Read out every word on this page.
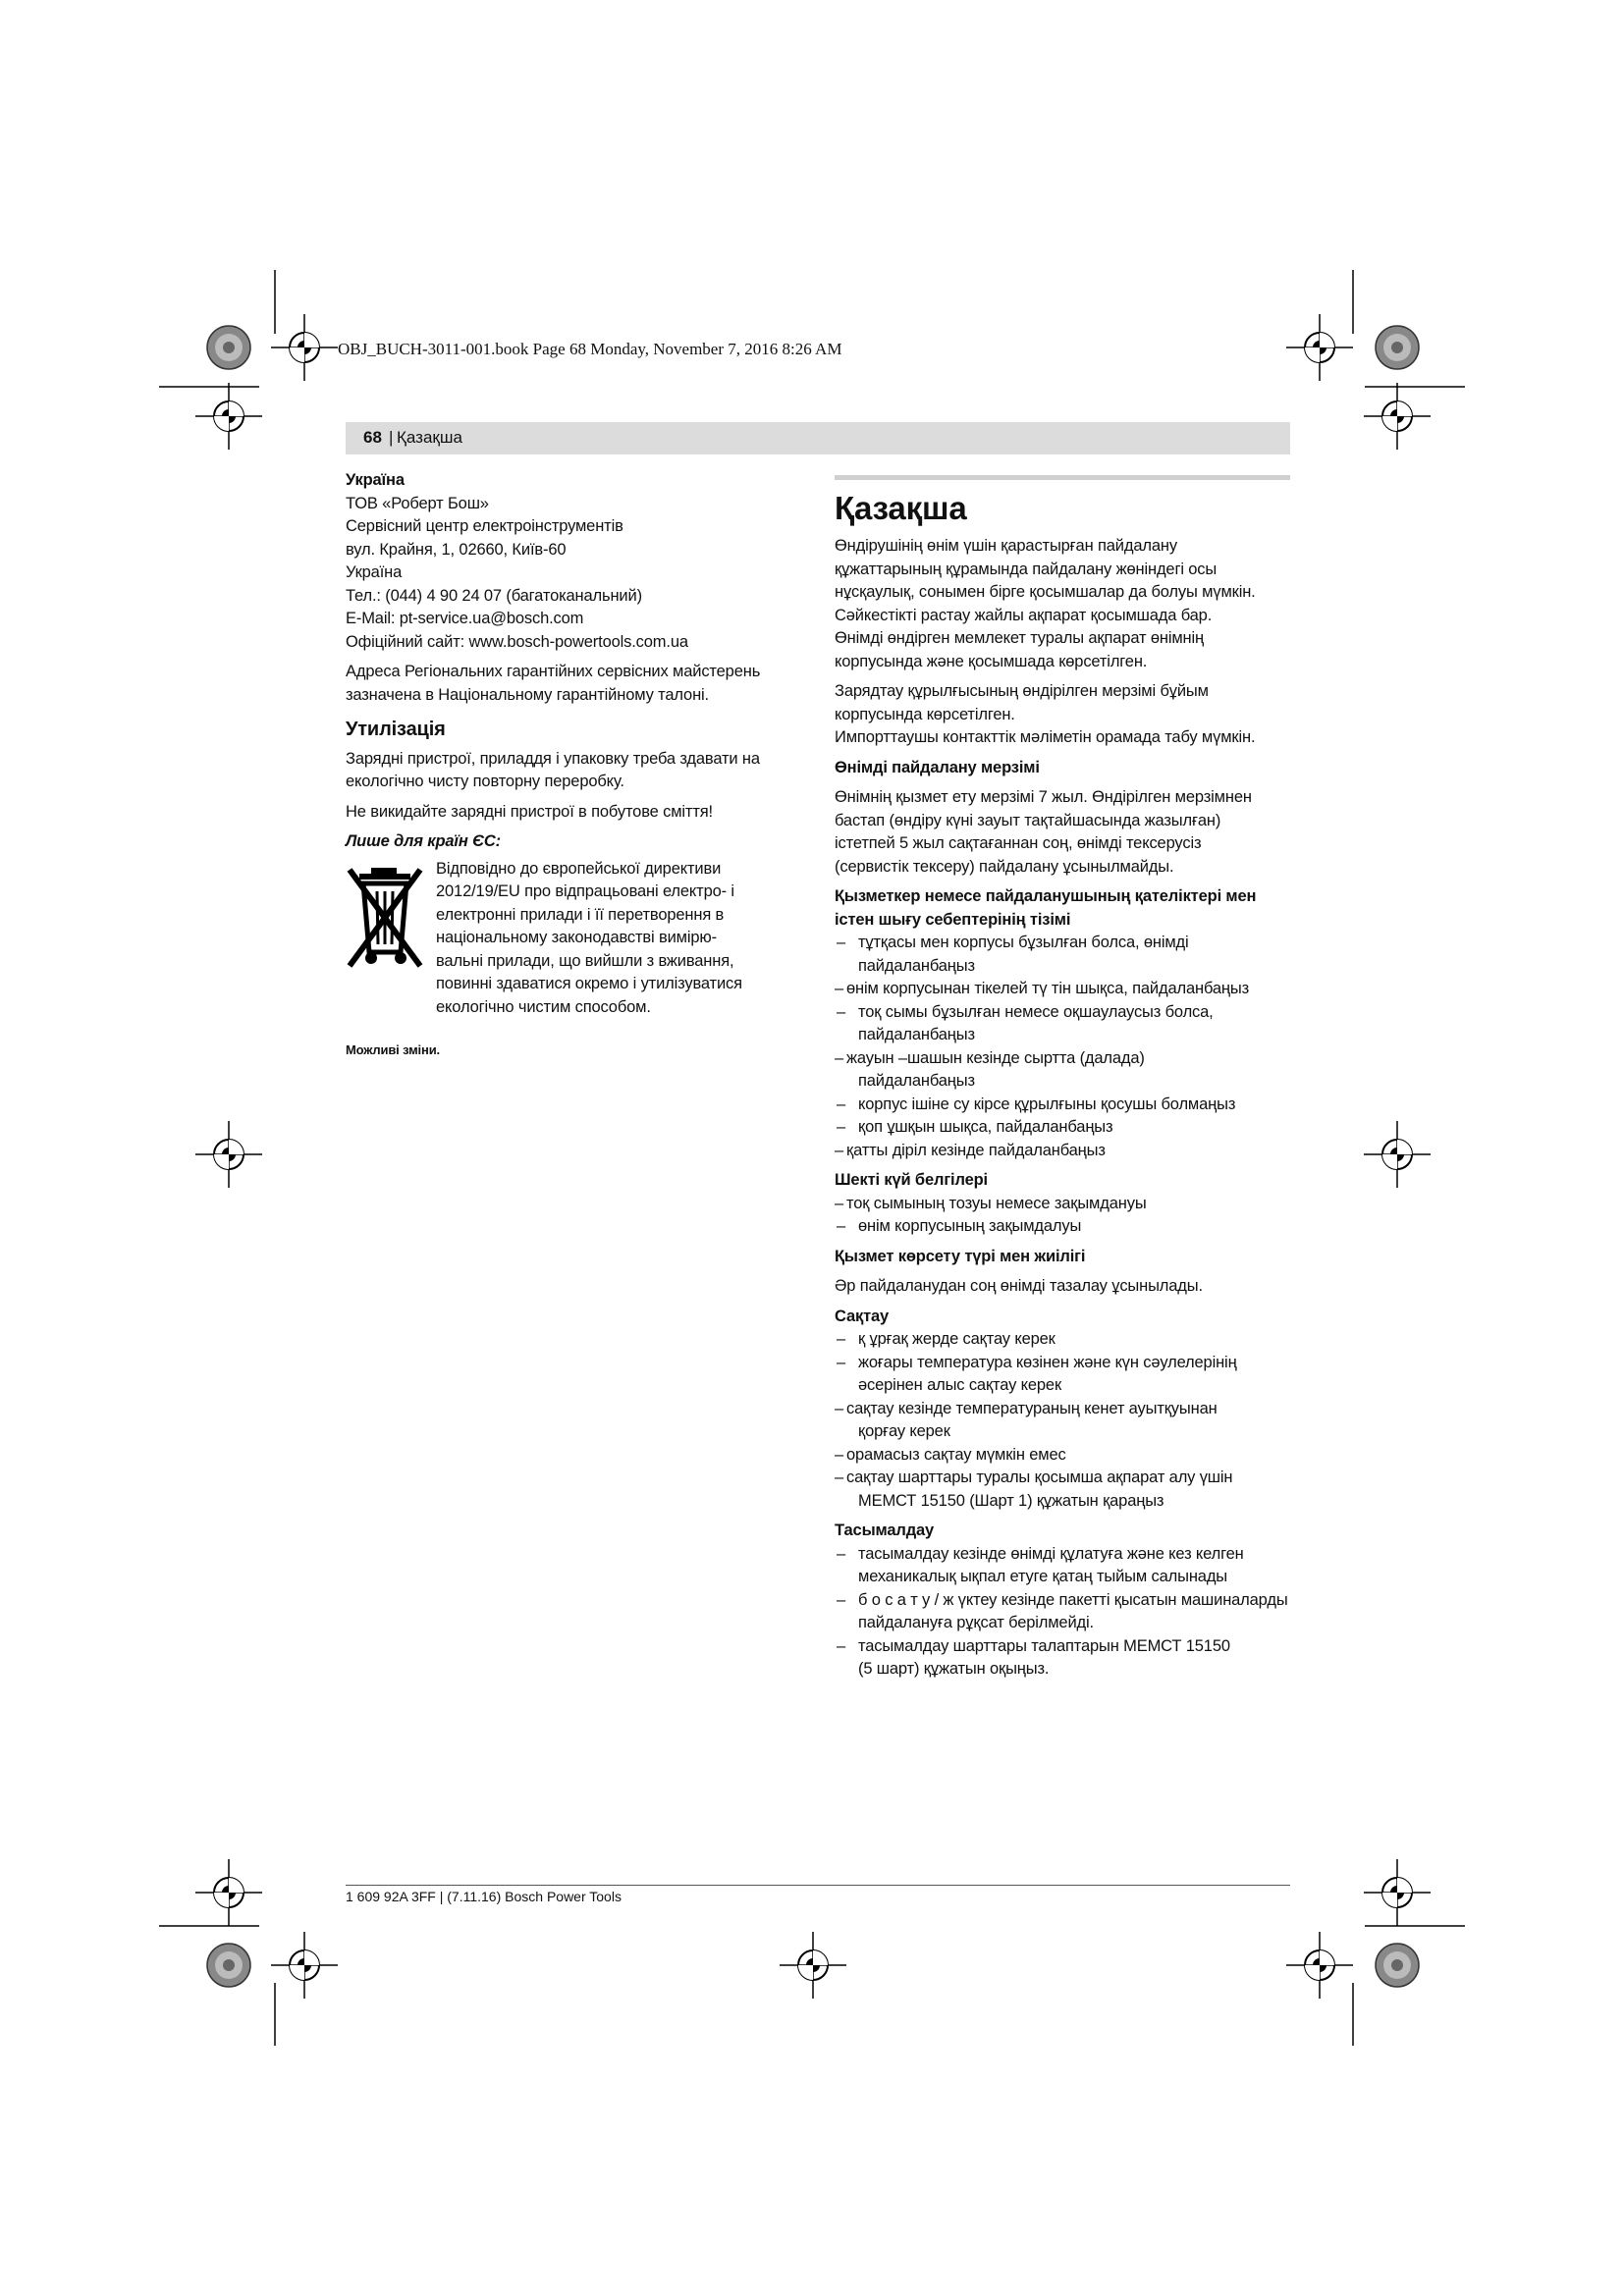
OBJ_BUCH-3011-001.book Page 68 Monday, November 7, 2016 8:26 AM
68 | Қазақша

Україна

ТОВ «Роберт Бош»

Сервісний центр електроінструментів

вул. Крайня, 1, 02660, Київ-60

Україна

Тел.: (044) 4 90 24 07 (багатоканальний)

E-Mail: pt-service.ua@bosch.com

Офіційний сайт: www.bosch-powertools.com.ua

Адреса Регіональних гарантійних сервісних майстерень

зазначена в Національному гарантійному талоні.

Утилізація

Зарядні пристрої, приладдя і упаковку треба здавати на

екологічно чисту повторну переробку.

Не викидайте зарядні пристрої в побутове сміття!

Лише для країн ЄС:

Відповідно до європейської директиви

2012/19/EU про відпрацьовані електро- і

електронні прилади і її перетворення в

національному законодавстві вимірю-

вальні прилади, що вийшли з вживання,

повинні здаватися окремо і утилізуватися

екологічно чистим способом.

Можливі зміни.

Қазақша

Өндірушінің өнім үшін қарастырған пайдалану

құжаттарының құрамында пайдалану жөніндегі осы

нұсқаулық, сонымен бірге қосымшалар да болуы мүмкін.

Сәйкестікті растау жайлы ақпарат қосымшада бар.

Өнімді өндірген мемлекет туралы ақпарат өнімнің

корпусында және қосымшада көрсетілген.

Зарядтау құрылғысының өндірілген мерзімі бұйым

корпусында көрсетілген.

Импорттаушы контакттік мәліметін орамада табу мүмкін.

Өнімді пайдалану мерзімі

Өнімнің қызмет ету мерзімі 7 жыл. Өндірілген мерзімнен

бастап (өндіру күні зауыт тақтайшасында жазылған)

істетпей 5 жыл сақтағаннан соң, өнімді тексерусіз

(сервистік тексеру) пайдалану ұсынылмайды.

Қызметкер немесе пайдаланушының қателіктері мен

істен шығу себептерінің тізімі

– тұтқасы мен корпусы бұзылған болса, өнімді
пайдаланбаңыз
– өнім корпусынан тікелей тү тін шықса, пайдаланбаңыз
– тоқ сымы бұзылған немесе оқшаулаусыз болса,
пайдаланбаңыз
– жауын –шашын кезінде сыртта (далада)
пайдаланбаңыз
– корпус ішіне су кірсе құрылғыны қосушы болмаңыз
– қоп ұшқын шықса, пайдаланбаңыз
– қатты діріл кезінде пайдаланбаңыз

Шекті күй белгілері

– тоқ сымының тозуы немесе зақымдануы
– өнім корпусының зақымдалуы

Қызмет көрсету түрі мен жиілігі

Әр пайдаланудан соң өнімді тазалау ұсынылады.

Сақтау

– қ ұрғақ жерде сақтау керек
– жоғары температура көзінен және күн сәулелерінің
әсерінен алыс сақтау керек
– сақтау кезінде температураның кенет ауытқуынан
қорғау керек
– орамасыз сақтау мүмкін емес
– сақтау шарттары туралы қосымша ақпарат алу үшін
МЕМСТ 15150 (Шарт 1) құжатын қараңыз

Тасымалдау

– тасымалдау кезінде өнімді құлатуға және кез келген
механикалық ықпал етуге қатаң тыйым салынады
– б о с а т у / ж үктеу кезінде пакетті қысатын машиналарды
пайдалануға рұқсат берілмейді.
– тасымалдау шарттары талаптарын МЕМСТ 15150
(5 шарт) құжатын оқыңыз.
1 609 92A 3FF | (7.11.16) Bosch Power Tools
